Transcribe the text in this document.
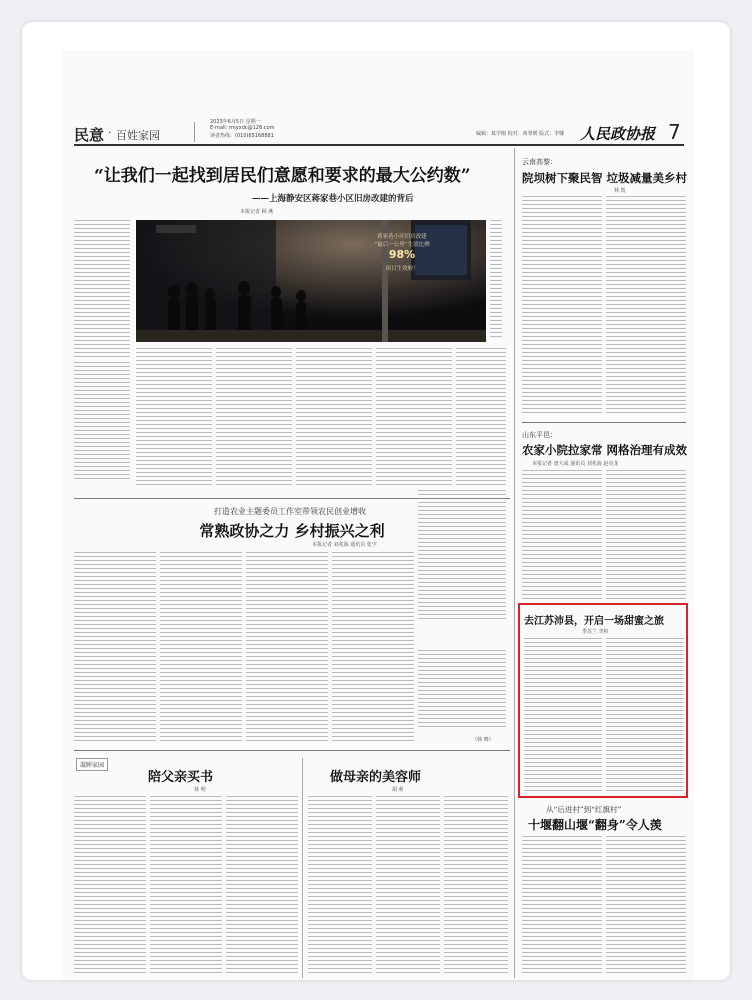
民意 · 百姓家园
2023年6月5日 星期一
E-mail: rmyxdc@126.com
读者热线：(010)65168881	编辑：葛学刚 校对：黄翠媛 版式：李娜 人民政协报 7
“让我们一起找到居民们意愿和要求的最大公约数”
——上海静安区蒋家巷小区旧房改建的背后
本报记者 顾 燕
蒋家巷小区旧房改建
“最后一公里”生效比例
98%
项目生效啦！
云南高黎：
院坝树下聚民智 垃圾减量美乡村
林 凯
山东平邑：
农家小院拉家常 网格治理有成效
本报记者 唐大成 通讯员 刘兆海 赵克龙
打造农业主题委员工作室带领农民创业增收
常熟政协之力 乡村振兴之利
本报记者 刘兆海 通讯员 张宇
（韩 晓）
去江苏沛县，开启一场甜蜜之旅
季苏兰 李桓
凝眸家园
陪父亲买书
林 明
做母亲的美容师
胡 莉
从“后进村”到“红旗村”
十堰翻山堰“翻身”令人羡
